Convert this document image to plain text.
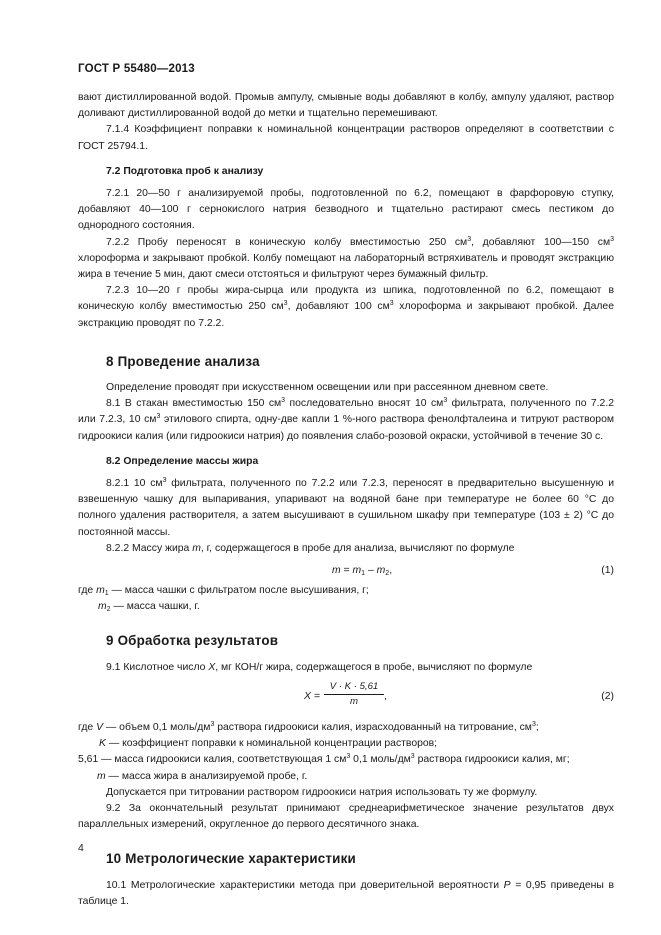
ГОСТ Р 55480—2013

вают дистиллированной водой. Промыв ампулу, смывные воды добавляют в колбу, ампулу удаляют, раствор доливают дистиллированной водой до метки и тщательно перемешивают.

7.1.4 Коэффициент поправки к номинальной концентрации растворов определяют в соответствии с ГОСТ 25794.1.

7.2 Подготовка проб к анализу

7.2.1 20—50 г анализируемой пробы, подготовленной по 6.2, помещают в фарфоровую ступку, добавляют 40—100 г сернокислого натрия безводного и тщательно растирают смесь пестиком до однородного состояния.

7.2.2 Пробу переносят в коническую колбу вместимостью 250 $см^3$, добавляют 100—150 $см^3$ хлороформа и закрывают пробкой. Колбу помещают на лабораторный встряхиватель и проводят экстракцию жира в течение 5 мин, дают смеси отстояться и фильтруют через бумажный фильтр.

7.2.3 10—20 г пробы жира-сырца или продукта из шпика, подготовленной по 6.2, помещают в коническую колбу вместимостью 250 $см^3$, добавляют 100 $см^3$ хлороформа и закрывают пробкой. Далее экстракцию проводят по 7.2.2.

8 Проведение анализа

Определение проводят при искусственном освещении или при рассеянном дневном свете.

8.1 В стакан вместимостью 150 $см^3$ последовательно вносят 10 $см^3$ фильтрата, полученного по 7.2.2 или 7.2.3, 10 $см^3$ этилового спирта, одну-две капли 1 %-ного раствора фенолфталеина и титруют раствором гидроокиси калия (или гидроокиси натрия) до появления слабо-розовой окраски, устойчивой в течение 30 с.

8.2 Определение массы жира

8.2.1 10 $см^3$ фильтрата, полученного по 7.2.2 или 7.2.3, переносят в предварительно высушенную и взвешенную чашку для выпаривания, упаривают на водяной бане при температуре не более 60 °С до полного удаления растворителя, а затем высушивают в сушильном шкафу при температуре (103 ± 2) °С до постоянной массы.

8.2.2 Массу жира m, г, содержащегося в пробе для анализа, вычисляют по формуле

$m = m_1 - m_2$,	(1)

где $m_1$ — масса чашки с фильтратом после высушивания, г;

$m_2$ — масса чашки, г.

9 Обработка результатов

9.1 Кислотное число X, мг КОН/г жира, содержащегося в пробе, вычисляют по формуле

$X = \frac{V \cdot K \cdot 5,61}{m}$ ,	(2)

где V — объем 0,1 моль/$дм^3$ раствора гидроокиси калия, израсходованный на титрование, $см^3$;

K — коэффициент поправки к номинальной концентрации растворов;

5,61 — масса гидроокиси калия, соответствующая 1 $см^3$ 0,1 моль/$дм^3$ раствора гидроокиси калия, мг;

m — масса жира в анализируемой пробе, г.

Допускается при титровании раствором гидроокиси натрия использовать ту же формулу.

9.2 За окончательный результат принимают среднеарифметическое значение результатов двух параллельных измерений, округленное до первого десятичного знака.

10 Метрологические характеристики

10.1 Метрологические характеристики метода при доверительной вероятности P = 0,95 приведены в таблице 1.

4
